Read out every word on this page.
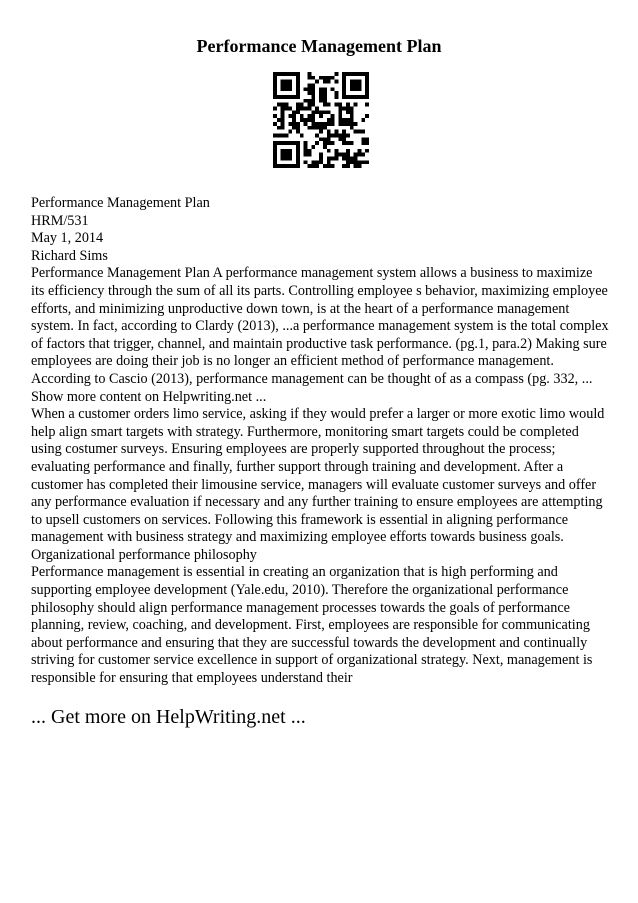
Performance Management Plan

Performance Management Plan

HRM/531

May 1, 2014

Richard Sims

Performance Management Plan A performance management system allows a business to maximize its efficiency through the sum of all its parts. Controlling employee s behavior, maximizing employee efforts, and minimizing unproductive down town, is at the heart of a performance management system. In fact, according to Clardy (2013), ...a performance management system is the total complex of factors that trigger, channel, and maintain productive task performance. (pg.1, para.2) Making sure employees are doing their job is no longer an efficient method of performance management. According to Cascio (2013), performance management can be thought of as a compass (pg. 332, ... Show more content on Helpwriting.net ...

When a customer orders limo service, asking if they would prefer a larger or more exotic limo would help align smart targets with strategy. Furthermore, monitoring smart targets could be completed using costumer surveys. Ensuring employees are properly supported throughout the process; evaluating performance and finally, further support through training and development. After a customer has completed their limousine service, managers will evaluate customer surveys and offer any performance evaluation if necessary and any further training to ensure employees are attempting to upsell customers on services. Following this framework is essential in aligning performance management with business strategy and maximizing employee efforts towards business goals.

Organizational performance philosophy

Performance management is essential in creating an organization that is high performing and supporting employee development (Yale.edu, 2010). Therefore the organizational performance philosophy should align performance management processes towards the goals of performance planning, review, coaching, and development. First, employees are responsible for communicating about performance and ensuring that they are successful towards the development and continually striving for customer service excellence in support of organizational strategy. Next, management is responsible for ensuring that employees understand their

... Get more on HelpWriting.net ...
